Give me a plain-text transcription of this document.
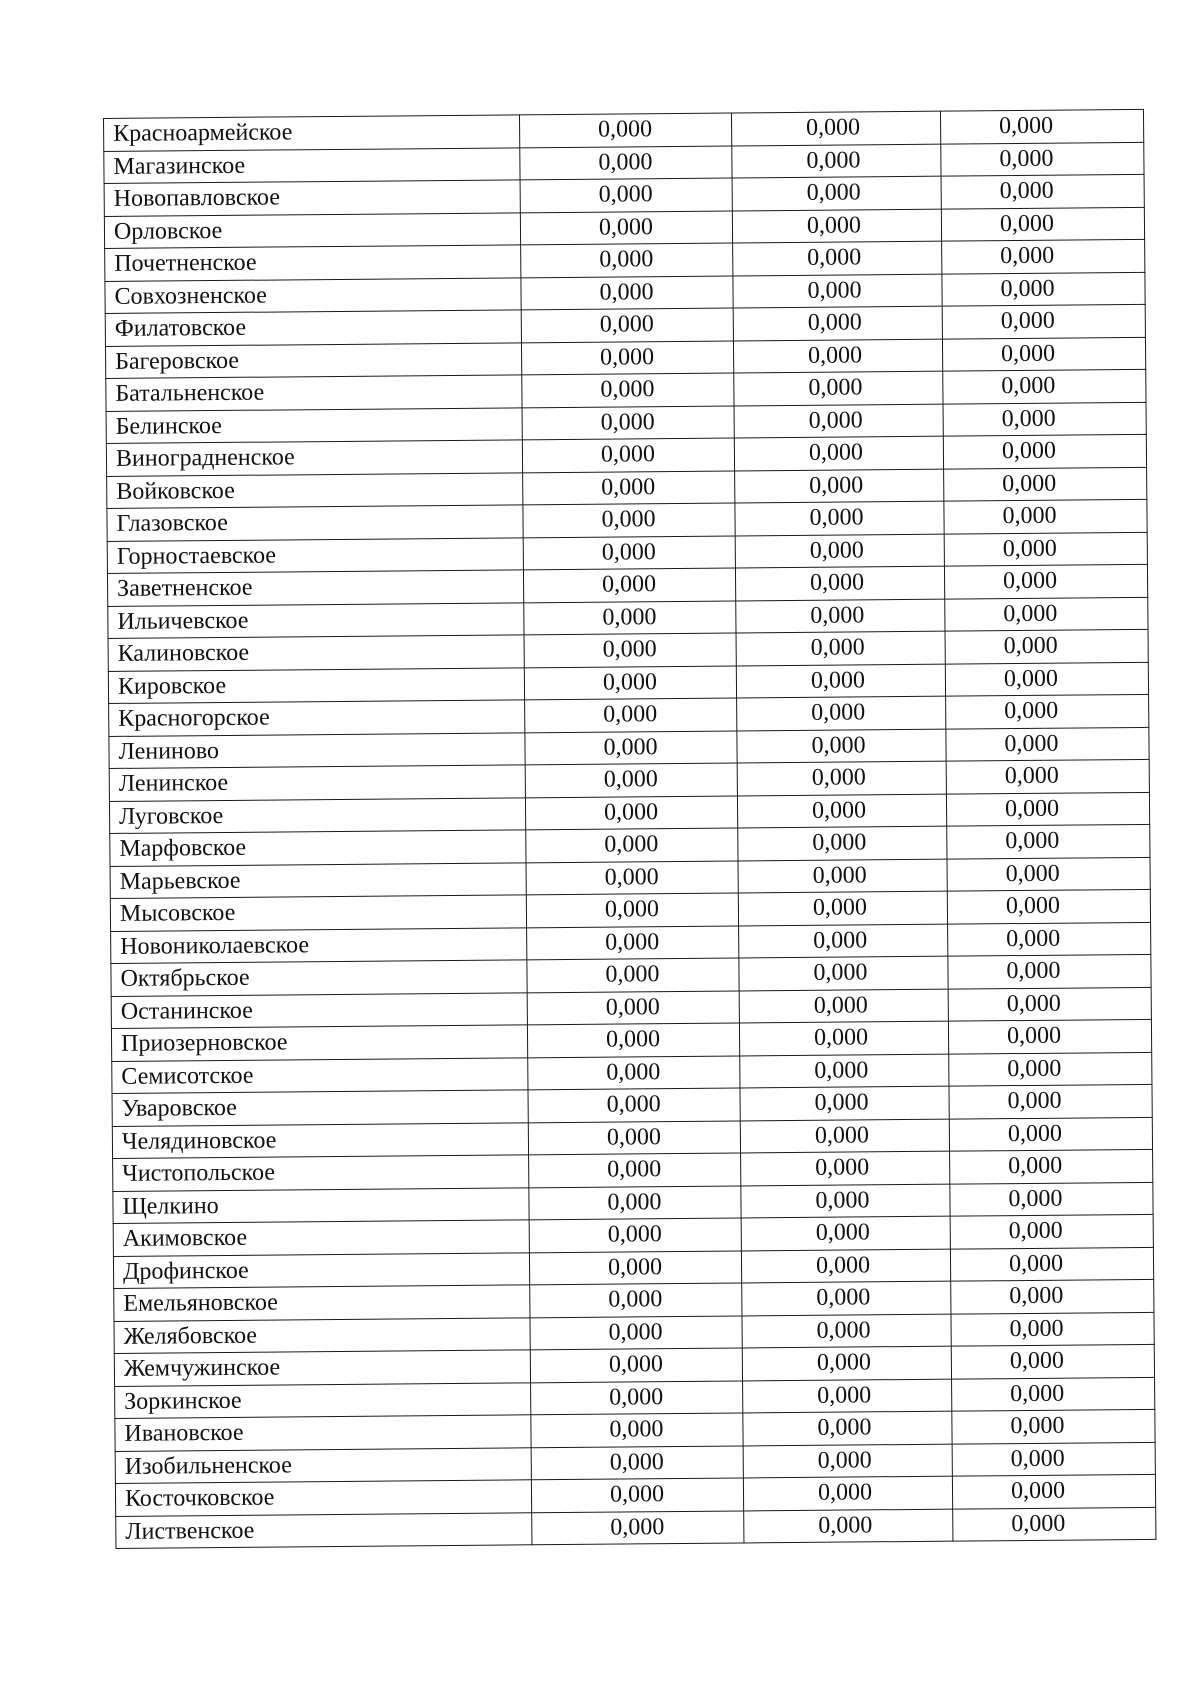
Красноармейское	0,000	0,000	0,000
Магазинское	0,000	0,000	0,000
Новопавловское	0,000	0,000	0,000
Орловское	0,000	0,000	0,000
Почетненское	0,000	0,000	0,000
Совхозненское	0,000	0,000	0,000
Филатовское	0,000	0,000	0,000
Багеровское	0,000	0,000	0,000
Батальненское	0,000	0,000	0,000
Белинское	0,000	0,000	0,000
Виноградненское	0,000	0,000	0,000
Войковское	0,000	0,000	0,000
Глазовское	0,000	0,000	0,000
Горностаевское	0,000	0,000	0,000
Заветненское	0,000	0,000	0,000
Ильичевское	0,000	0,000	0,000
Калиновское	0,000	0,000	0,000
Кировское	0,000	0,000	0,000
Красногорское	0,000	0,000	0,000
Лениново	0,000	0,000	0,000
Ленинское	0,000	0,000	0,000
Луговское	0,000	0,000	0,000
Марфовское	0,000	0,000	0,000
Марьевское	0,000	0,000	0,000
Мысовское	0,000	0,000	0,000
Новониколаевское	0,000	0,000	0,000
Октябрьское	0,000	0,000	0,000
Останинское	0,000	0,000	0,000
Приозерновское	0,000	0,000	0,000
Семисотское	0,000	0,000	0,000
Уваровское	0,000	0,000	0,000
Челядиновское	0,000	0,000	0,000
Чистопольское	0,000	0,000	0,000
Щелкино	0,000	0,000	0,000
Акимовское	0,000	0,000	0,000
Дрофинское	0,000	0,000	0,000
Емельяновское	0,000	0,000	0,000
Желябовское	0,000	0,000	0,000
Жемчужинское	0,000	0,000	0,000
Зоркинское	0,000	0,000	0,000
Ивановское	0,000	0,000	0,000
Изобильненское	0,000	0,000	0,000
Косточковское	0,000	0,000	0,000
Лиственское	0,000	0,000	0,000
